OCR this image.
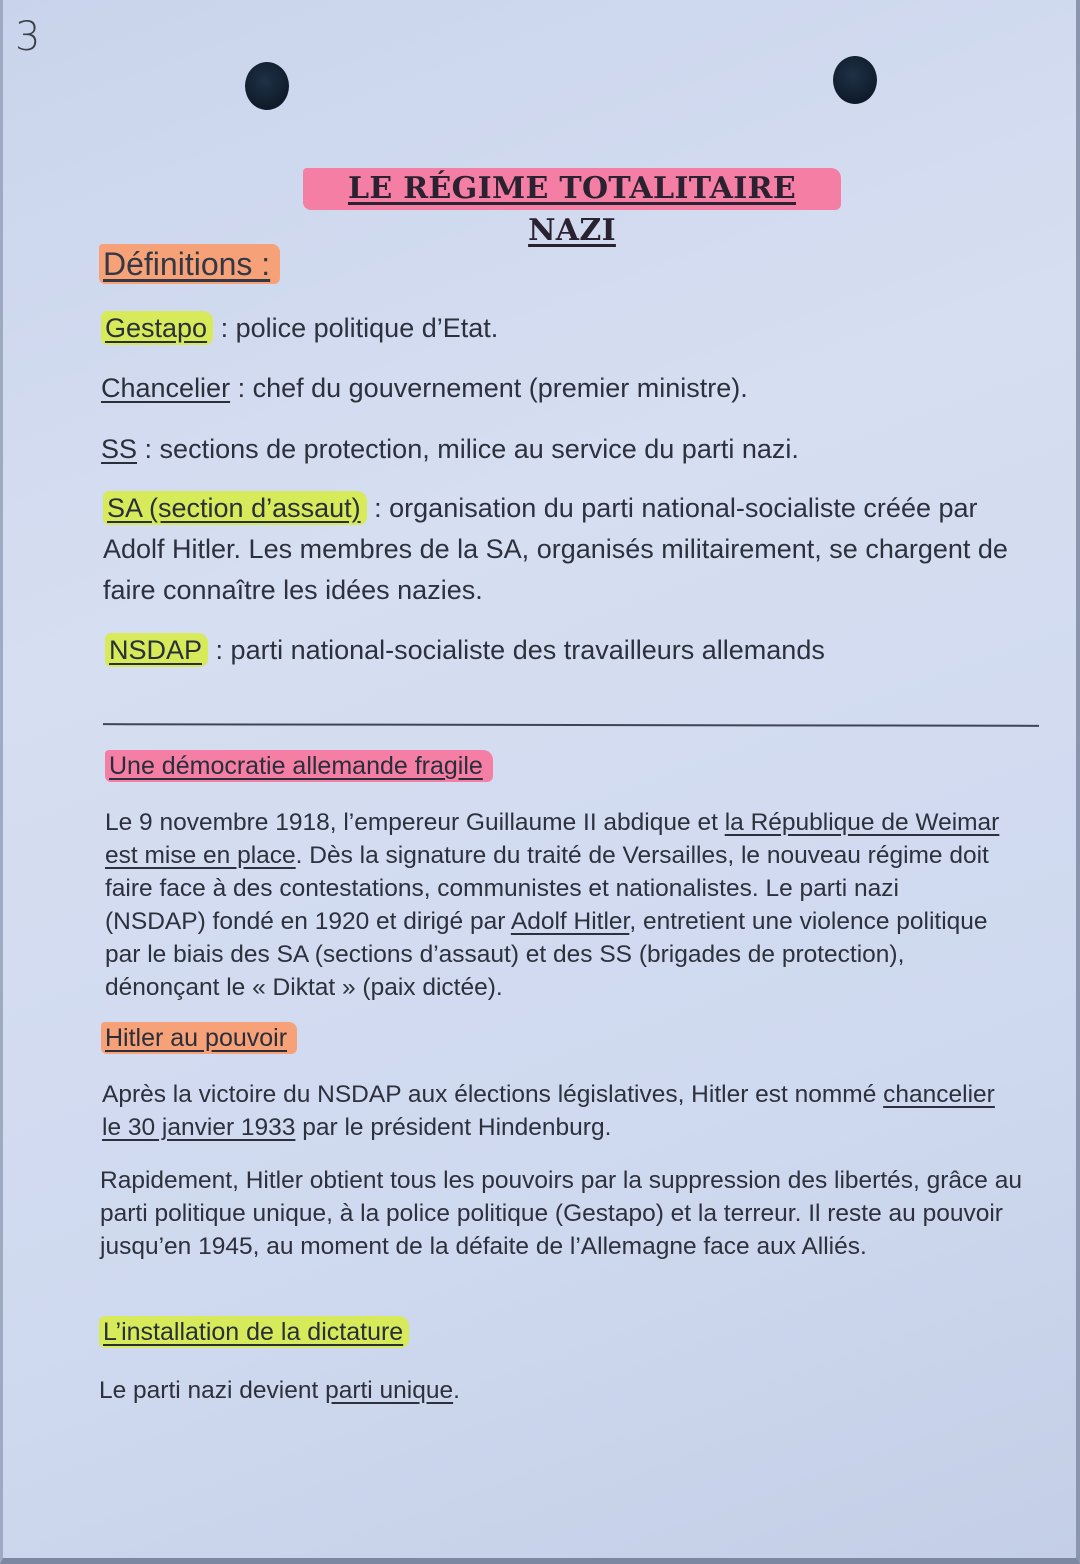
3
LE RÉGIME TOTALITAIRE NAZI
Définitions :
Gestapo : police politique d’Etat.
Chancelier : chef du gouvernement (premier ministre).
SS : sections de protection, milice au service du parti nazi.
SA (section d’assaut) : organisation du parti national-socialiste créée par Adolf Hitler. Les membres de la SA, organisés militairement, se chargent de faire connaître les idées nazies.
NSDAP : parti national-socialiste des travailleurs allemands
Une démocratie allemande fragile
Le 9 novembre 1918, l’empereur Guillaume II abdique et la République de Weimar est mise en place. Dès la signature du traité de Versailles, le nouveau régime doit faire face à des contestations, communistes et nationalistes. Le parti nazi (NSDAP) fondé en 1920 et dirigé par Adolf Hitler, entretient une violence politique par le biais des SA (sections d’assaut) et des SS (brigades de protection), dénonçant le « Diktat » (paix dictée).
Hitler au pouvoir
Après la victoire du NSDAP aux élections législatives, Hitler est nommé chancelier le 30 janvier 1933 par le président Hindenburg.
Rapidement, Hitler obtient tous les pouvoirs par la suppression des libertés, grâce au parti politique unique, à la police politique (Gestapo) et la terreur. Il reste au pouvoir jusqu’en 1945, au moment de la défaite de l’Allemagne face aux Alliés.
L’installation de la dictature
Le parti nazi devient parti unique.
